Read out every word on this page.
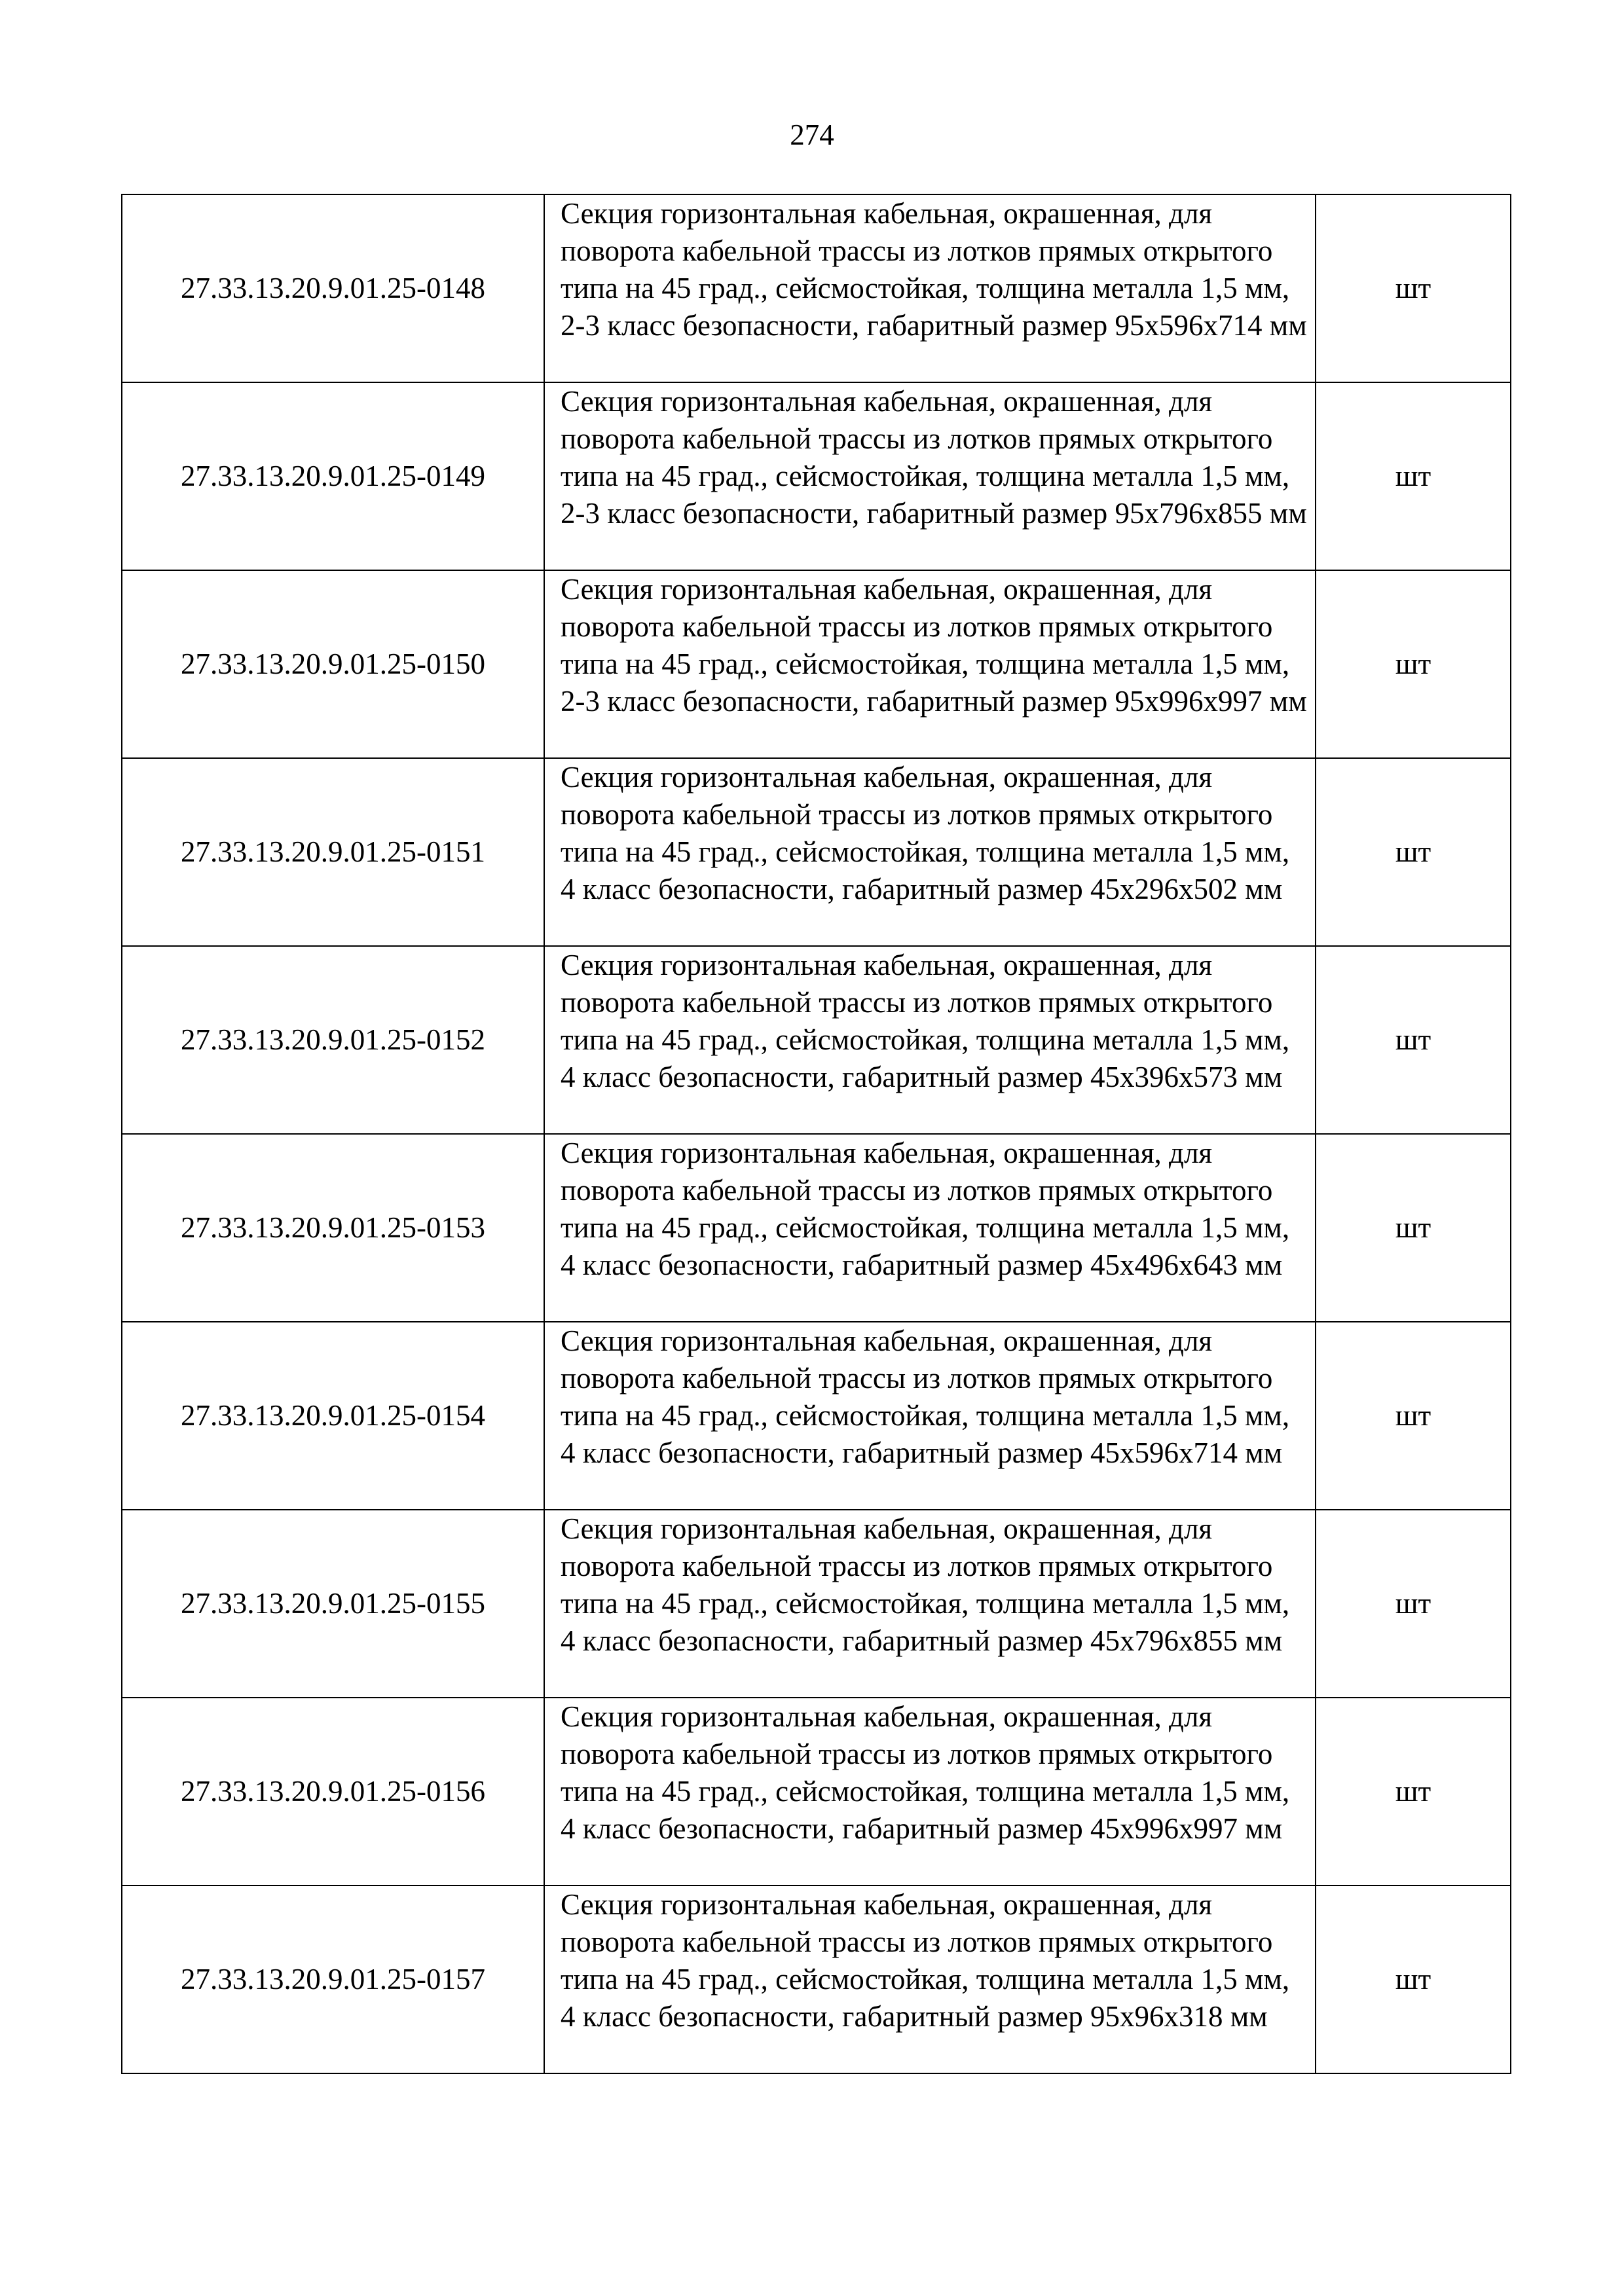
274
27.33.13.20.9.01.25-0148	Секция горизонтальная кабельная, окрашенная, для поворота кабельной трассы из лотков прямых открытого типа на 45 град., сейсмостойкая, толщина металла 1,5 мм, 2-3 класс безопасности, габаритный размер 95х596х714 мм	шт
27.33.13.20.9.01.25-0149	Секция горизонтальная кабельная, окрашенная, для поворота кабельной трассы из лотков прямых открытого типа на 45 град., сейсмостойкая, толщина металла 1,5 мм, 2-3 класс безопасности, габаритный размер 95х796х855 мм	шт
27.33.13.20.9.01.25-0150	Секция горизонтальная кабельная, окрашенная, для поворота кабельной трассы из лотков прямых открытого типа на 45 град., сейсмостойкая, толщина металла 1,5 мм, 2-3 класс безопасности, габаритный размер 95х996х997 мм	шт
27.33.13.20.9.01.25-0151	Секция горизонтальная кабельная, окрашенная, для поворота кабельной трассы из лотков прямых открытого типа на 45 град., сейсмостойкая, толщина металла 1,5 мм, 4 класс безопасности, габаритный размер 45х296х502 мм	шт
27.33.13.20.9.01.25-0152	Секция горизонтальная кабельная, окрашенная, для поворота кабельной трассы из лотков прямых открытого типа на 45 град., сейсмостойкая, толщина металла 1,5 мм, 4 класс безопасности, габаритный размер 45х396х573 мм	шт
27.33.13.20.9.01.25-0153	Секция горизонтальная кабельная, окрашенная, для поворота кабельной трассы из лотков прямых открытого типа на 45 град., сейсмостойкая, толщина металла 1,5 мм, 4 класс безопасности, габаритный размер 45х496х643 мм	шт
27.33.13.20.9.01.25-0154	Секция горизонтальная кабельная, окрашенная, для поворота кабельной трассы из лотков прямых открытого типа на 45 град., сейсмостойкая, толщина металла 1,5 мм, 4 класс безопасности, габаритный размер 45х596х714 мм	шт
27.33.13.20.9.01.25-0155	Секция горизонтальная кабельная, окрашенная, для поворота кабельной трассы из лотков прямых открытого типа на 45 град., сейсмостойкая, толщина металла 1,5 мм, 4 класс безопасности, габаритный размер 45х796х855 мм	шт
27.33.13.20.9.01.25-0156	Секция горизонтальная кабельная, окрашенная, для поворота кабельной трассы из лотков прямых открытого типа на 45 град., сейсмостойкая, толщина металла 1,5 мм, 4 класс безопасности, габаритный размер 45х996х997 мм	шт
27.33.13.20.9.01.25-0157	Секция горизонтальная кабельная, окрашенная, для поворота кабельной трассы из лотков прямых открытого типа на 45 град., сейсмостойкая, толщина металла 1,5 мм, 4 класс безопасности, габаритный размер 95х96х318 мм	шт
